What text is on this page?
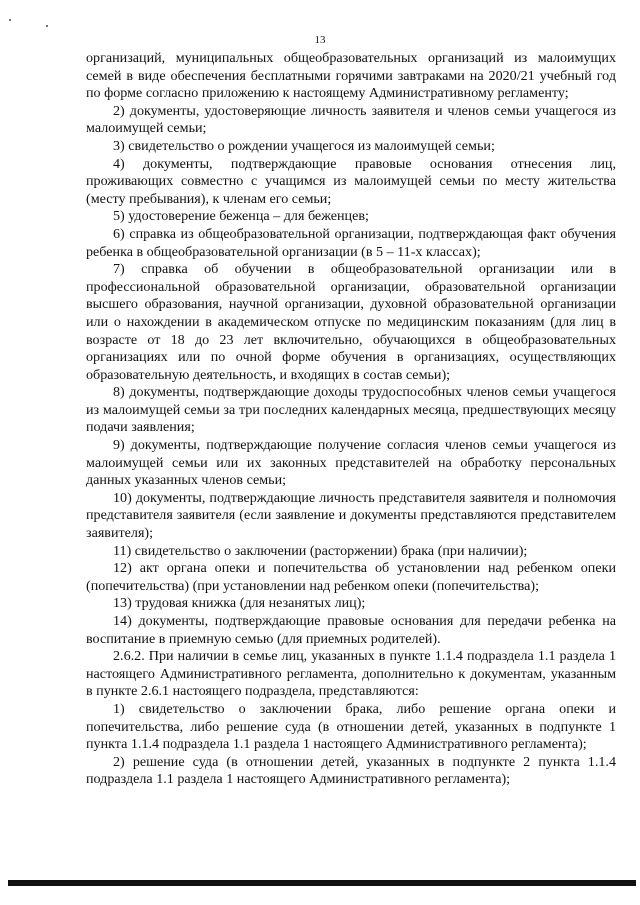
13

организаций, муниципальных общеобразовательных организаций из малоимущих семей в виде обеспечения бесплатными горячими завтраками на 2020/21 учебный год по форме согласно приложению к настоящему Административному регламенту;

2) документы, удостоверяющие личность заявителя и членов семьи учащегося из малоимущей семьи;

3) свидетельство о рождении учащегося из малоимущей семьи;

4) документы, подтверждающие правовые основания отнесения лиц, проживающих совместно с учащимся из малоимущей семьи по месту жительства (месту пребывания), к членам его семьи;

5) удостоверение беженца – для беженцев;

6) справка из общеобразовательной организации, подтверждающая факт обучения ребенка в общеобразовательной организации (в 5 – 11-х классах);

7) справка об обучении в общеобразовательной организации или в профессиональной образовательной организации, образовательной организации высшего образования, научной организации, духовной образовательной организации или о нахождении в академическом отпуске по медицинским показаниям (для лиц в возрасте от 18 до 23 лет включительно, обучающихся в общеобразовательных организациях или по очной форме обучения в организациях, осуществляющих образовательную деятельность, и входящих в состав семьи);

8) документы, подтверждающие доходы трудоспособных членов семьи учащегося из малоимущей семьи за три последних календарных месяца, предшествующих месяцу подачи заявления;

9) документы, подтверждающие получение согласия членов семьи учащегося из малоимущей семьи или их законных представителей на обработку персональных данных указанных членов семьи;

10) документы, подтверждающие личность представителя заявителя и полномочия представителя заявителя (если заявление и документы представляются представителем заявителя);

11) свидетельство о заключении (расторжении) брака (при наличии);

12) акт органа опеки и попечительства об установлении над ребенком опеки (попечительства) (при установлении над ребенком опеки (попечительства);

13) трудовая книжка (для незанятых лиц);

14) документы, подтверждающие правовые основания для передачи ребенка на воспитание в приемную семью (для приемных родителей).

2.6.2. При наличии в семье лиц, указанных в пункте 1.1.4 подраздела 1.1 раздела 1 настоящего Административного регламента, дополнительно к документам, указанным в пункте 2.6.1 настоящего подраздела, представляются:

1) свидетельство о заключении брака, либо решение органа опеки и попечительства, либо решение суда (в отношении детей, указанных в подпункте 1 пункта 1.1.4 подраздела 1.1 раздела 1 настоящего Административного регламента);

2) решение суда (в отношении детей, указанных в подпункте 2 пункта 1.1.4 подраздела 1.1 раздела 1 настоящего Административного регламента);
